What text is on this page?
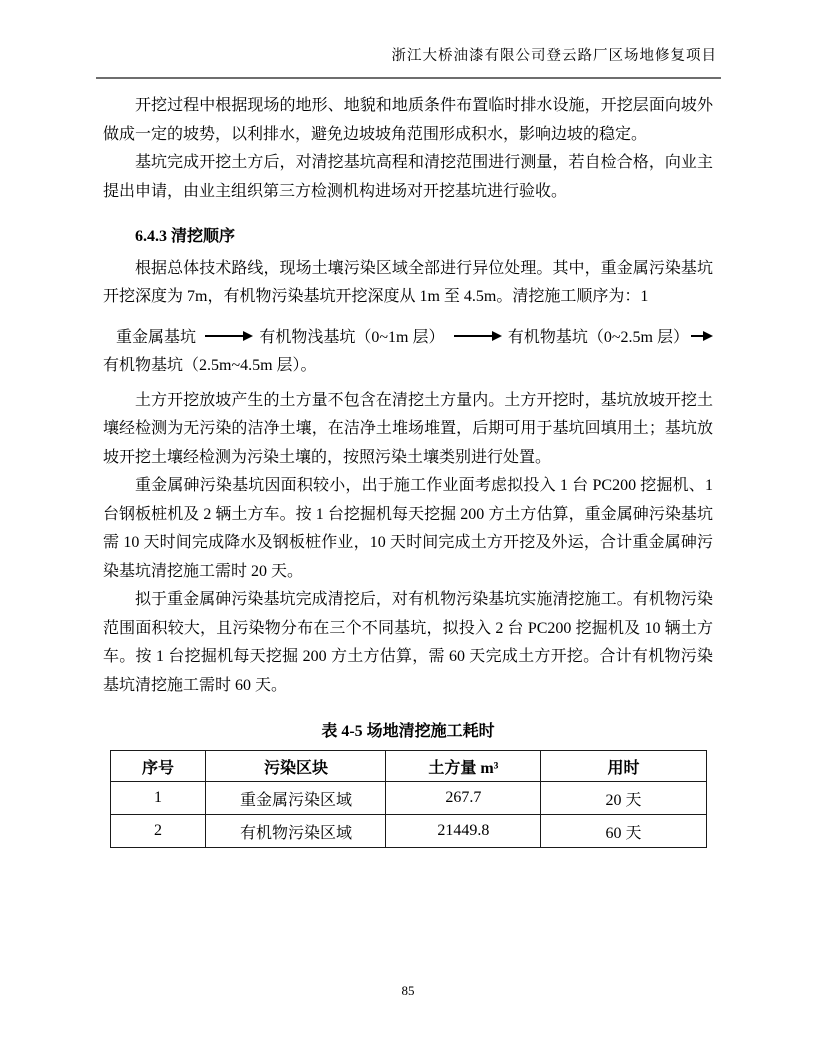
浙江大桥油漆有限公司登云路厂区场地修复项目

开挖过程中根据现场的地形、地貌和地质条件布置临时排水设施，开挖层面向坡外做成一定的坡势，以利排水，避免边坡坡角范围形成积水，影响边坡的稳定。

基坑完成开挖土方后，对清挖基坑高程和清挖范围进行测量，若自检合格，向业主提出申请，由业主组织第三方检测机构进场对开挖基坑进行验收。

6.4.3 清挖顺序

根据总体技术路线，现场土壤污染区域全部进行异位处理。其中，重金属污染基坑开挖深度为 7m，有机物污染基坑开挖深度从 1m 至 4.5m。清挖施工顺序为：1

重金属基坑	有机物浅基坑（0~1m 层）	有机物基坑（0~2.5m 层）
有机物基坑（2.5m~4.5m 层）。

土方开挖放坡产生的土方量不包含在清挖土方量内。土方开挖时，基坑放坡开挖土壤经检测为无污染的洁净土壤，在洁净土堆场堆置，后期可用于基坑回填用土；基坑放坡开挖土壤经检测为污染土壤的，按照污染土壤类别进行处置。

重金属砷污染基坑因面积较小，出于施工作业面考虑拟投入 1 台 PC200 挖掘机、1 台钢板桩机及 2 辆土方车。按 1 台挖掘机每天挖掘 200 方土方估算，重金属砷污染基坑需 10 天时间完成降水及钢板桩作业，10 天时间完成土方开挖及外运，合计重金属砷污染基坑清挖施工需时 20 天。

拟于重金属砷污染基坑完成清挖后，对有机物污染基坑实施清挖施工。有机物污染范围面积较大，且污染物分布在三个不同基坑，拟投入 2 台 PC200 挖掘机及 10 辆土方车。按 1 台挖掘机每天挖掘 200 方土方估算，需 60 天完成土方开挖。合计有机物污染基坑清挖施工需时 60 天。

表 4-5 场地清挖施工耗时
序号	污染区块	土方量 m³	用时
1	重金属污染区域	267.7	20 天
2	有机物污染区域	21449.8	60 天
85
